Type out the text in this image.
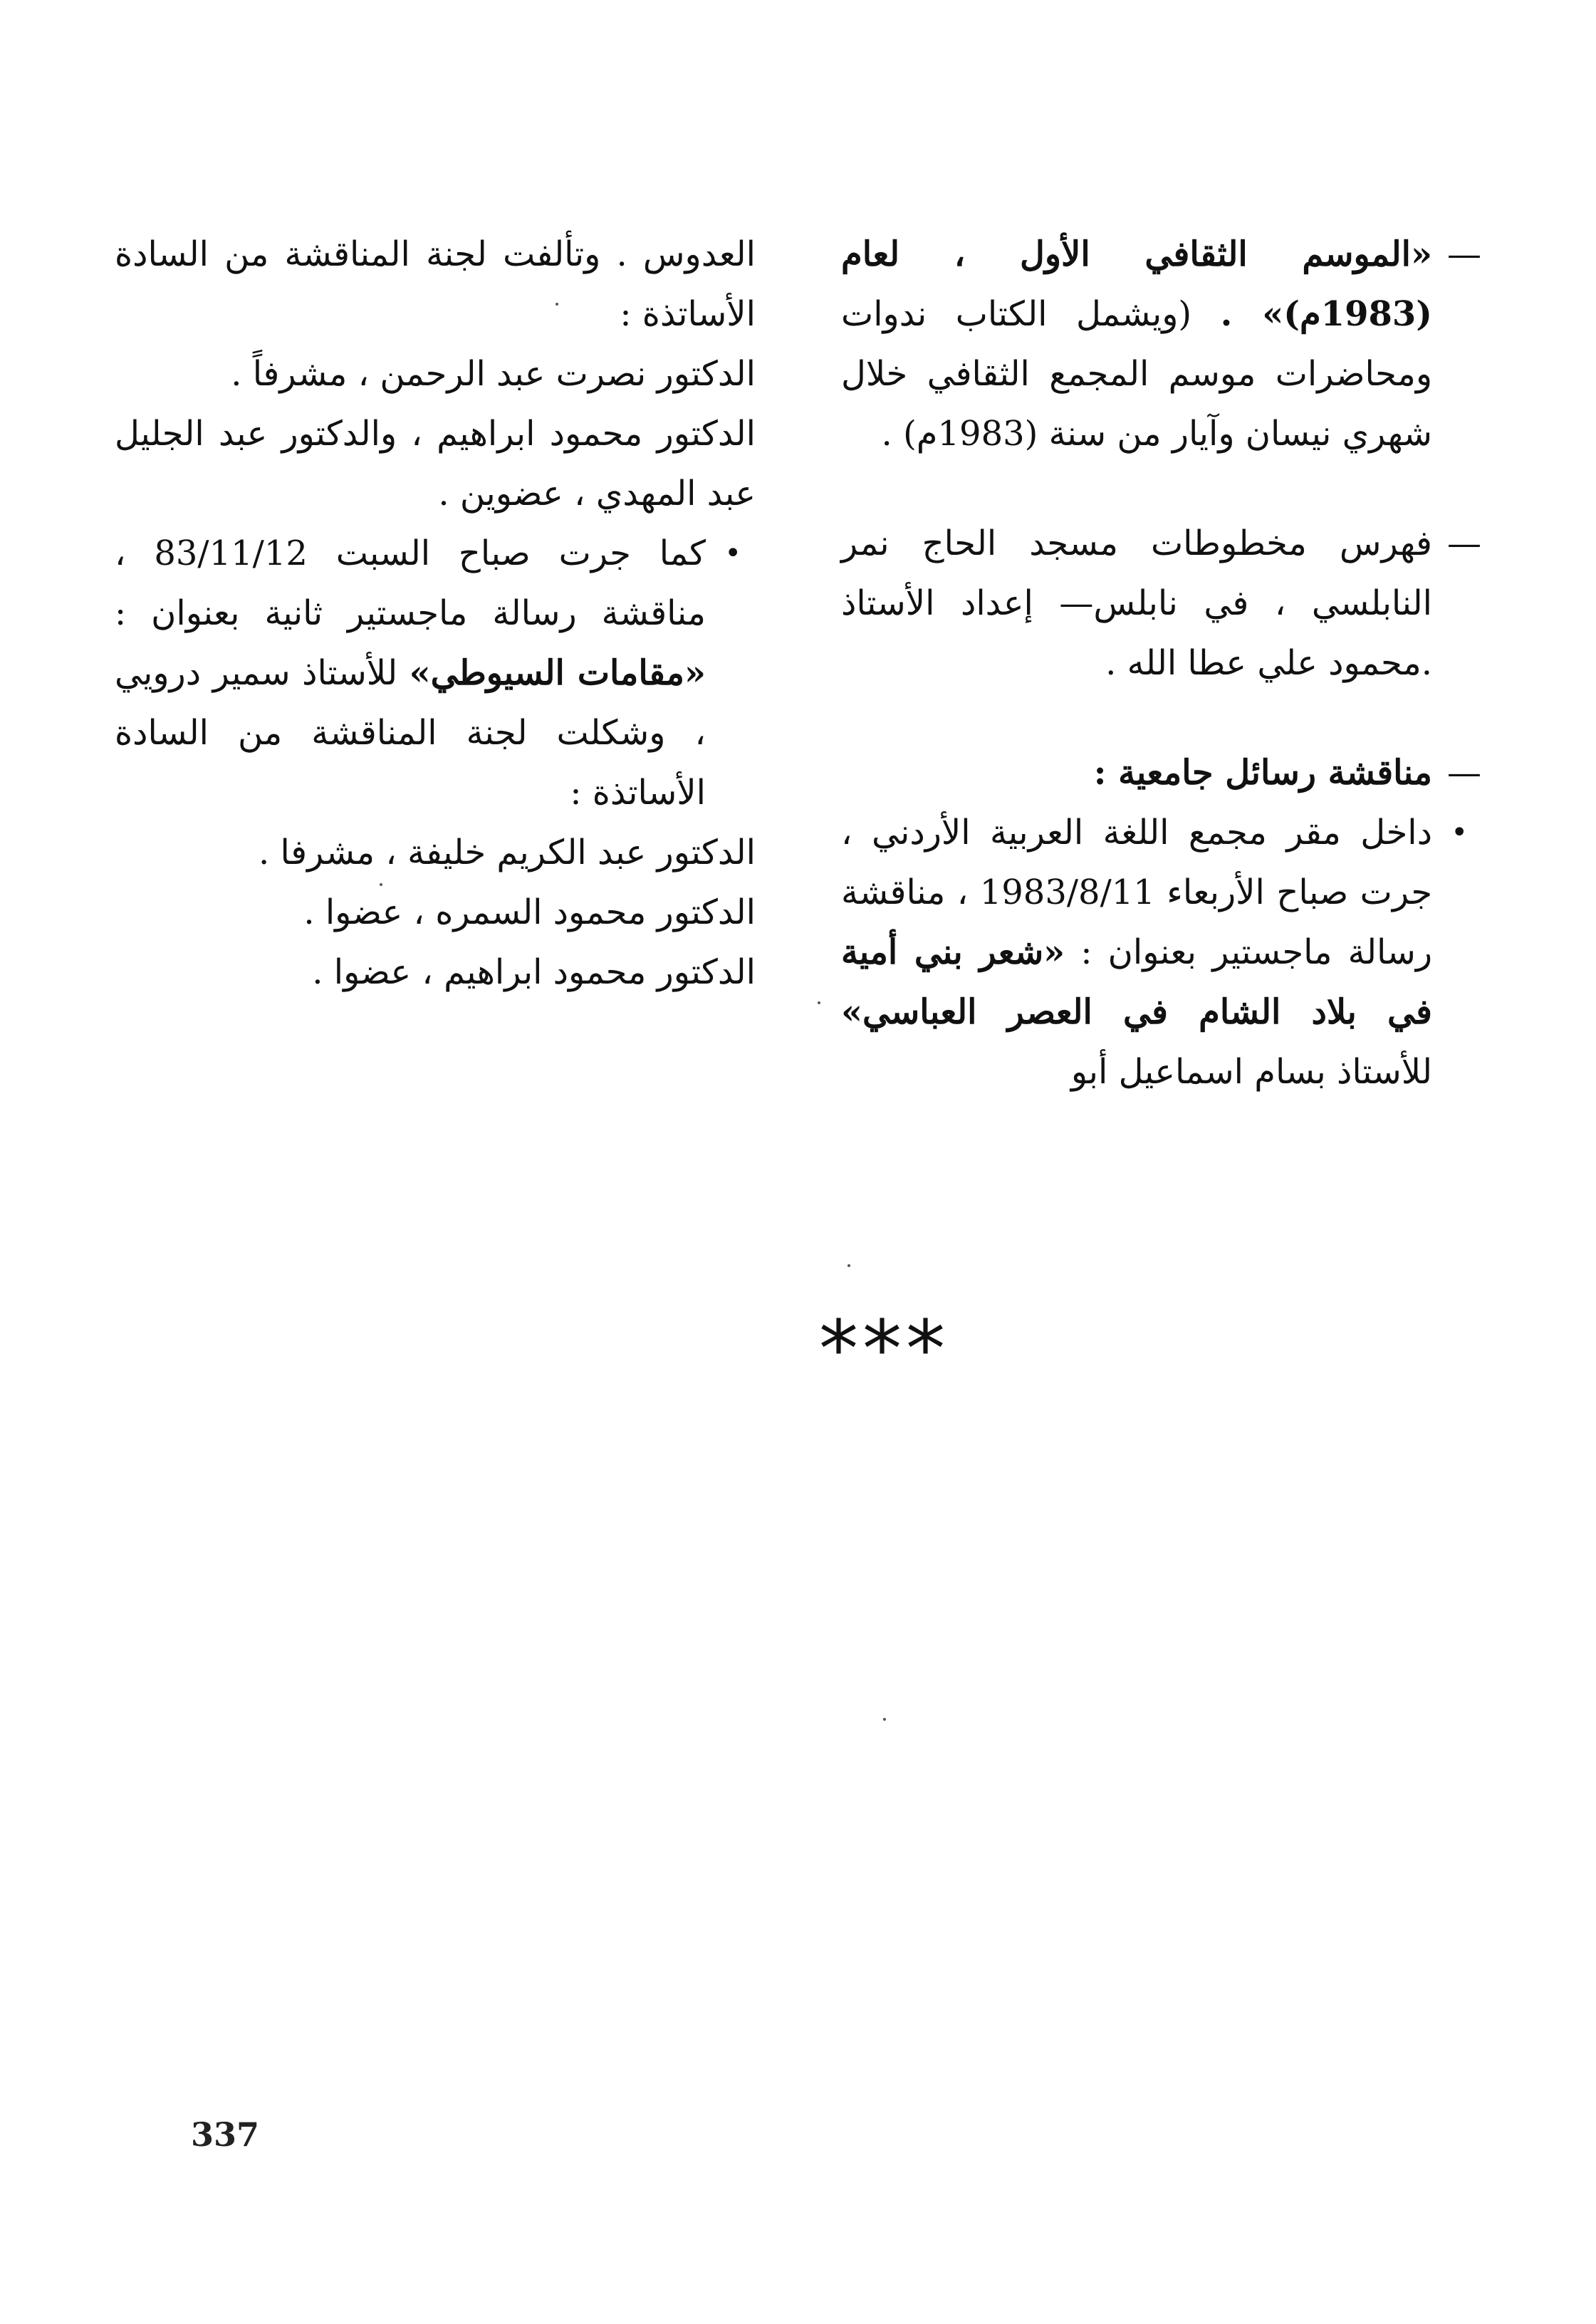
—
«الموسم الثقافي الأول ، لعام (1983م)» . (ويشمل الكتاب ندوات ومحاضرات موسم المجمع الثقافي خلال شهري نيسان وآيار من سنة (1983م) .
—
فهرس مخطوطات مسجد الحاج نمر النابلسي ، في نابلس— إعداد الأستاذ .محمود علي عطا الله .
—
مناقشة رسائل جامعية :
•
داخل مقر مجمع اللغة العربية الأردني ، جرت صباح الأربعاء 1983/8/11 ، مناقشة رسالة ماجستير بعنوان : «شعر بني أمية في بلاد الشام في العصر العباسي» للأستاذ بسام اسماعيل أبو
العدوس . وتألفت لجنة المناقشة من السادة الأساتذة :
الدكتور نصرت عبد الرحمن ، مشرفاً .
الدكتور محمود ابراهيم ، والدكتور عبد الجليل عبد المهدي ، عضوين .
•
كما جرت صباح السبت 83/11/12 ، مناقشة رسالة ماجستير ثانية بعنوان : «مقامات السيوطي» للأستاذ سمير درويي ، وشكلت لجنة المناقشة من السادة الأساتذة :
الدكتور عبد الكريم خليفة ، مشرفا .
الدكتور محمود السمره ، عضوا .
الدكتور محمود ابراهيم ، عضوا .
***
337
